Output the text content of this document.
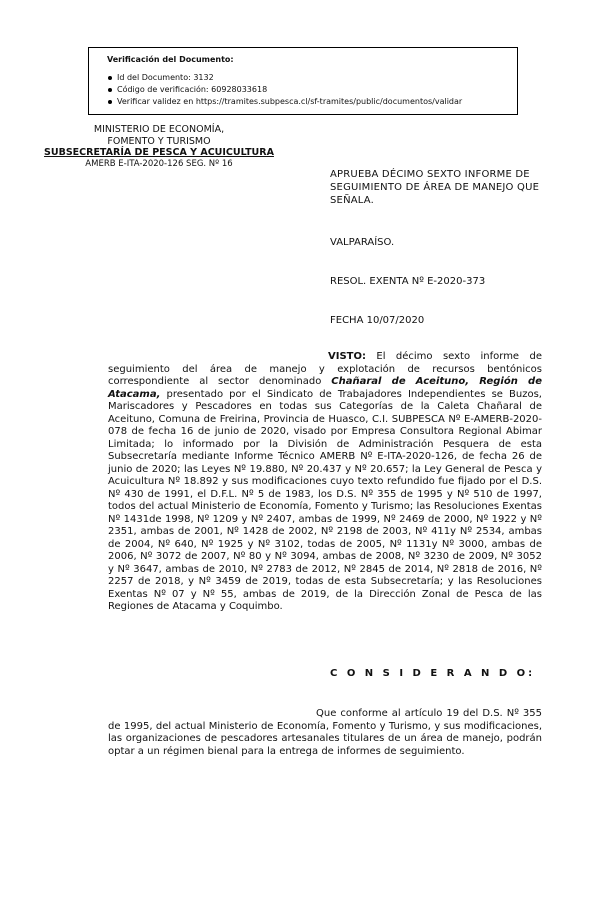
Verificación del Documento:
Id del Documento: 3132
Código de verificación: 60928033618
Verificar validez en https://tramites.subpesca.cl/sf-tramites/public/documentos/validar
MINISTERIO DE ECONOMÍA,
FOMENTO Y TURISMO
SUBSECRETARÍA DE PESCA Y ACUICULTURA
AMERB E-ITA-2020-126 SEG. Nº 16
APRUEBA DÉCIMO SEXTO INFORME DE SEGUIMIENTO DE ÁREA DE MANEJO QUE SEÑALA.
VALPARAÍSO.
RESOL. EXENTA Nº E-2020-373
FECHA 10/07/2020
VISTO: El décimo sexto informe de seguimiento del área de manejo y explotación de recursos bentónicos correspondiente al sector denominado Chañaral de Aceituno, Región de Atacama, presentado por el Sindicato de Trabajadores Independientes se Buzos, Mariscadores y Pescadores en todas sus Categorías de la Caleta Chañaral de Aceituno, Comuna de Freirina, Provincia de Huasco, C.I. SUBPESCA Nº E-AMERB-2020-078 de fecha 16 de junio de 2020, visado por Empresa Consultora Regional Abimar Limitada; lo informado por la División de Administración Pesquera de esta Subsecretaría mediante Informe Técnico AMERB Nº E-ITA-2020-126, de fecha 26 de junio de 2020; las Leyes Nº 19.880, Nº 20.437 y Nº 20.657; la Ley General de Pesca y Acuicultura Nº 18.892 y sus modificaciones cuyo texto refundido fue fijado por el D.S. Nº 430 de 1991, el D.F.L. Nº 5 de 1983, los D.S. Nº 355 de 1995 y Nº 510 de 1997, todos del actual Ministerio de Economía, Fomento y Turismo; las Resoluciones Exentas Nº 1431de 1998, Nº 1209 y Nº 2407, ambas de 1999, Nº 2469 de 2000, Nº 1922 y Nº 2351, ambas de 2001, Nº 1428 de 2002, Nº 2198 de 2003, Nº 411y Nº 2534, ambas de 2004, Nº 640, Nº 1925 y Nº 3102, todas de 2005, Nº 1131y Nº 3000, ambas de 2006, Nº 3072 de 2007, Nº 80 y Nº 3094, ambas de 2008, Nº 3230 de 2009, Nº 3052 y Nº 3647, ambas de 2010, Nº 2783 de 2012, Nº 2845 de 2014, Nº 2818 de 2016, Nº 2257 de 2018, y Nº 3459 de 2019, todas de esta Subsecretaría; y las Resoluciones Exentas Nº 07 y Nº 55, ambas de 2019, de la Dirección Zonal de Pesca de las Regiones de Atacama y Coquimbo.
C O N S I D E R A N D O:
Que conforme al artículo 19 del D.S. Nº 355 de 1995, del actual Ministerio de Economía, Fomento y Turismo, y sus modificaciones, las organizaciones de pescadores artesanales titulares de un área de manejo, podrán optar a un régimen bienal para la entrega de informes de seguimiento.
